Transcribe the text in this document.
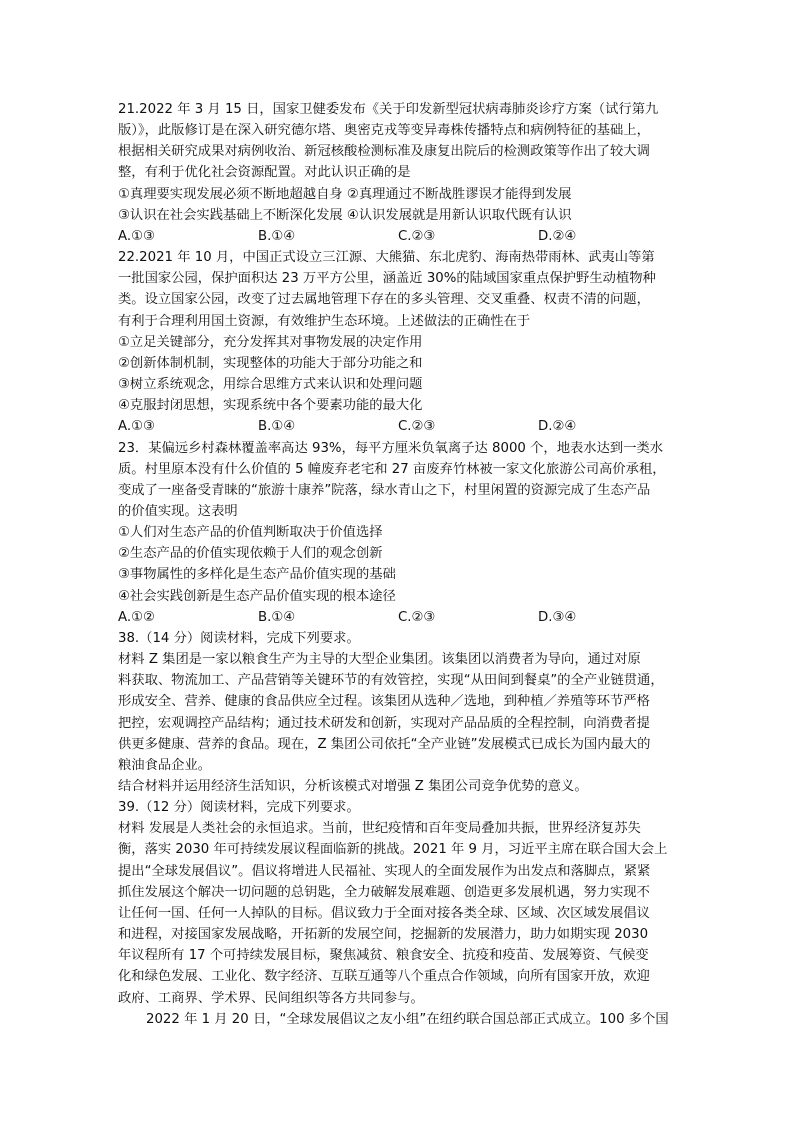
21.2022 年 3 月 15 日，国家卫健委发布《关于印发新型冠状病毒肺炎诊疗方案（试行第九
版）》，此版修订是在深入研究德尔塔、奥密克戎等变异毒株传播特点和病例特征的基础上，
根据相关研究成果对病例收治、新冠核酸检测标准及康复出院后的检测政策等作出了较大调
整，有利于优化社会资源配置。对此认识正确的是
①真理要实现发展必须不断地超越自身 ②真理通过不断战胜谬误才能得到发展
③认识在社会实践基础上不断深化发展 ④认识发展就是用新认识取代既有认识
A.①③	B.①④	C.②③	D.②④
22.2021 年 10 月，中国正式设立三江源、大熊猫、东北虎豹、海南热带雨林、武夷山等第
一批国家公园，保护面积达 23 万平方公里，涵盖近 30%的陆域国家重点保护野生动植物种
类。设立国家公园，改变了过去属地管理下存在的多头管理、交叉重叠、权责不清的问题，
有利于合理利用国土资源，有效维护生态环境。上述做法的正确性在于
①立足关键部分，充分发挥其对事物发展的决定作用
②创新体制机制，实现整体的功能大于部分功能之和
③树立系统观念，用综合思维方式来认识和处理问题
④克服封闭思想，实现系统中各个要素功能的最大化
A.①③	B.①④	C.②③	D.②④
23．某偏远乡村森林覆盖率高达 93%，每平方厘米负氧离子达 8000 个，地表水达到一类水
质。村里原本没有什么价值的 5 幢废弃老宅和 27 亩废弃竹林被一家文化旅游公司高价承租，
变成了一座备受青睐的“旅游十康养”院落，绿水青山之下，村里闲置的资源完成了生态产品
的价值实现。这表明
①人们对生态产品的价值判断取决于价值选择
②生态产品的价值实现依赖于人们的观念创新
③事物属性的多样化是生态产品价值实现的基础
④社会实践创新是生态产品价值实现的根本途径
A.①②	B.①④	C.②③	D.③④
38.（14 分）阅读材料，完成下列要求。
材料 Z 集团是一家以粮食生产为主导的大型企业集团。该集团以消费者为导向，通过对原
料获取、物流加工、产品营销等关键环节的有效管控，实现“从田间到餐桌”的全产业链贯通，
形成安全、营养、健康的食品供应全过程。该集团从选种／选地，到种植／养殖等环节严格
把控，宏观调控产品结构；通过技术研发和创新，实现对产品品质的全程控制，向消费者提
供更多健康、营养的食品。现在，Z 集团公司依托“全产业链”发展模式已成长为国内最大的
粮油食品企业。
结合材料并运用经济生活知识，分析该模式对增强 Z 集团公司竞争优势的意义。
39.（12 分）阅读材料，完成下列要求。
材料 发展是人类社会的永恒追求。当前，世纪疫情和百年变局叠加共振，世界经济复苏失
衡，落实 2030 年可持续发展议程面临新的挑战。2021 年 9 月，习近平主席在联合国大会上
提出“全球发展倡议”。倡议将增进人民福祉、实现人的全面发展作为出发点和落脚点，紧紧
抓住发展这个解决一切问题的总钥匙，全力破解发展难题、创造更多发展机遇，努力实现不
让任何一国、任何一人掉队的目标。倡议致力于全面对接各类全球、区域、次区域发展倡议
和进程，对接国家发展战略，开拓新的发展空间，挖掘新的发展潜力，助力如期实现 2030
年议程所有 17 个可持续发展目标，聚焦减贫、粮食安全、抗疫和疫苗、发展筹资、气候变
化和绿色发展、工业化、数字经济、互联互通等八个重点合作领域，向所有国家开放，欢迎
政府、工商界、学术界、民间组织等各方共同参与。
2022 年 1 月 20 日，“全球发展倡议之友小组”在纽约联合国总部正式成立。100 多个国
